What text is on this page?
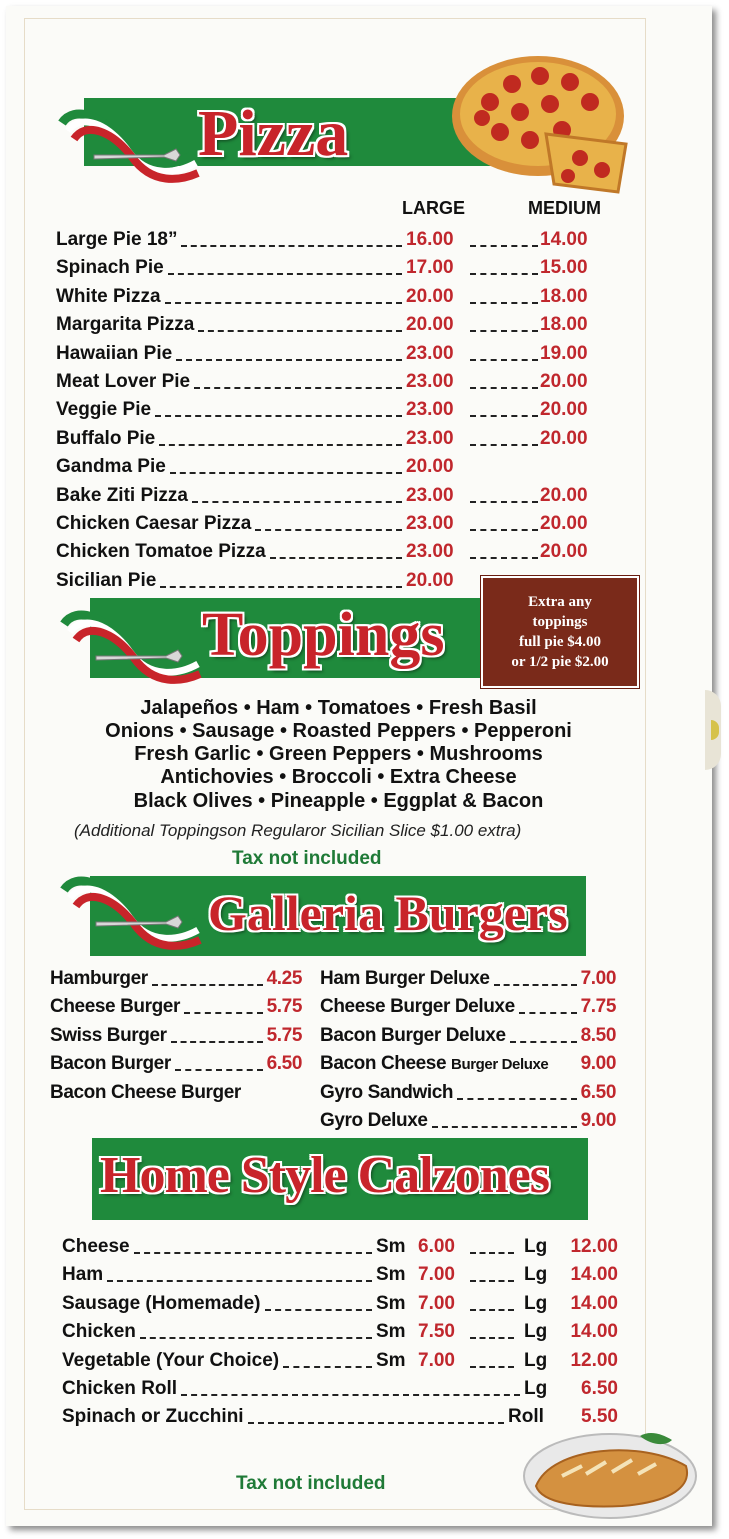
Pizza
LARGE	MEDIUM
Large Pie 18”	16.00	14.00
Spinach Pie	17.00	15.00
White Pizza	20.00	18.00
Margarita Pizza	20.00	18.00
Hawaiian Pie	23.00	19.00
Meat Lover Pie	23.00	20.00
Veggie Pie	23.00	20.00
Buffalo Pie	23.00	20.00
Gandma Pie	20.00
Bake Ziti Pizza	23.00	20.00
Chicken Caesar Pizza	23.00	20.00
Chicken Tomatoe Pizza	23.00	20.00
Sicilian Pie	20.00
Toppings	Extra any
toppings
full pie $4.00
or 1/2 pie $2.00
Jalapeños • Ham • Tomatoes • Fresh Basil
Onions • Sausage • Roasted Peppers • Pepperoni
Fresh Garlic • Green Peppers • Mushrooms
Antichovies • Broccoli • Extra Cheese
Black Olives • Pineapple • Eggplat & Bacon
(Additional Toppingson Regularor Sicilian Slice $1.00 extra)
Tax not included
Galleria Burgers
Hamburger	4.25
Cheese Burger	5.75
Swiss Burger	5.75
Bacon Burger	6.50
Bacon Cheese Burger
Ham Burger Deluxe	7.00
Cheese Burger Deluxe	7.75
Bacon Burger Deluxe	8.50
Bacon Cheese Burger Deluxe 9.00
Gyro Sandwich	6.50
Gyro Deluxe	9.00
Home Style Calzones
Cheese	Sm 6.00	Lg 12.00
Ham	Sm 7.00	Lg 14.00
Sausage (Homemade)	Sm 7.00	Lg 14.00
Chicken	Sm 7.50	Lg 14.00
Vegetable (Your Choice)	Sm 7.00	Lg 12.00
Chicken Roll	Lg 6.50
Spinach or Zucchini	Roll 5.50
Tax not included
